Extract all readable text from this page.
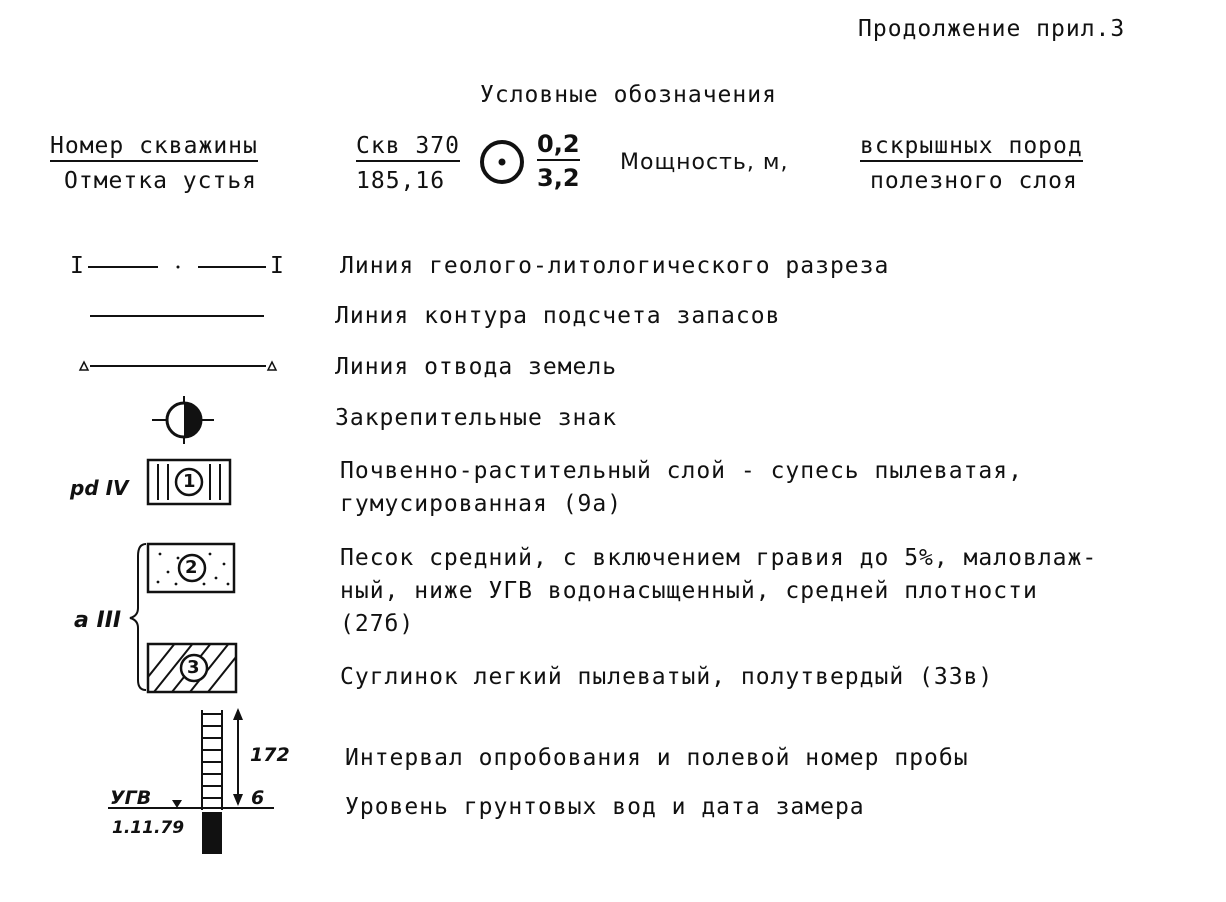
Продолжение прил.3
Условные обозначения
Номер скважины
Отметка устья
Скв 370
185,16
0,2
3,2
Мощность, м,
вскрышных пород
полезного слоя
I	I Линия геолого-литологического разреза
Линия контура подсчета запасов
Линия отвода земель
Закрепительные знак
pd IV	1	Почвенно-растительный слой - супесь пылеватая,
гумусированная (9а)
a III
2	Песок средний, с включением гравия до 5%, маловлаж-
ный, ниже УГВ водонасыщенный, средней плотности
(27б)
3	Суглинок легкий пылеватый, полутвердый (33в)
172
6
УГВ
1.11.79
Интервал опробования и полевой номер пробы
Уровень грунтовых вод и дата замера
